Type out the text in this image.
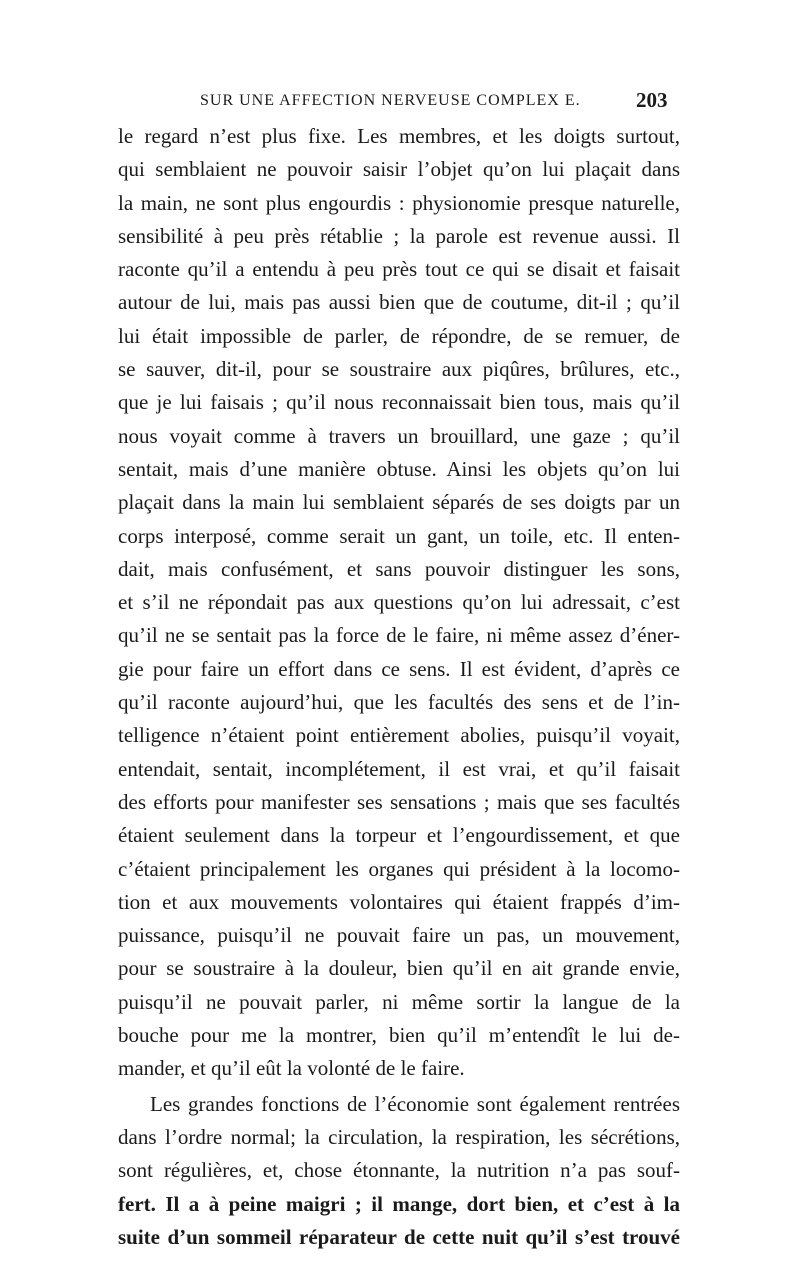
SUR UNE AFFECTION NERVEUSE COMPLEX E.	203
le regard n’est plus fixe. Les membres, et les doigts surtout,
qui semblaient ne pouvoir saisir l’objet qu’on lui plaçait dans
la main, ne sont plus engourdis : physionomie presque naturelle,
sensibilité à peu près rétablie ; la parole est revenue aussi. Il
raconte qu’il a entendu à peu près tout ce qui se disait et faisait
autour de lui, mais pas aussi bien que de coutume, dit-il ; qu’il
lui était impossible de parler, de répondre, de se remuer, de
se sauver, dit-il, pour se soustraire aux piqûres, brûlures, etc.,
que je lui faisais ; qu’il nous reconnaissait bien tous, mais qu’il
nous voyait comme à travers un brouillard, une gaze ; qu’il
sentait, mais d’une manière obtuse. Ainsi les objets qu’on lui
plaçait dans la main lui semblaient séparés de ses doigts par un
corps interposé, comme serait un gant, un toile, etc. Il enten-
dait, mais confusément, et sans pouvoir distinguer les sons,
et s’il ne répondait pas aux questions qu’on lui adressait, c’est
qu’il ne se sentait pas la force de le faire, ni même assez d’éner-
gie pour faire un effort dans ce sens. Il est évident, d’après ce
qu’il raconte aujourd’hui, que les facultés des sens et de l’in-
telligence n’étaient point entièrement abolies, puisqu’il voyait,
entendait, sentait, incomplétement, il est vrai, et qu’il faisait
des efforts pour manifester ses sensations ; mais que ses facultés
étaient seulement dans la torpeur et l’engourdissement, et que
c’étaient principalement les organes qui président à la locomo-
tion et aux mouvements volontaires qui étaient frappés d’im-
puissance, puisqu’il ne pouvait faire un pas, un mouvement,
pour se soustraire à la douleur, bien qu’il en ait grande envie,
puisqu’il ne pouvait parler, ni même sortir la langue de la
bouche pour me la montrer, bien qu’il m’entendît le lui de-
mander, et qu’il eût la volonté de le faire.
Les grandes fonctions de l’économie sont également rentrées
dans l’ordre normal; la circulation, la respiration, les sécrétions,
sont régulières, et, chose étonnante, la nutrition n’a pas souf-
fert. Il a à peine maigri ; il mange, dort bien, et c’est à la
suite d’un sommeil réparateur de cette nuit qu’il s’est trouvé
